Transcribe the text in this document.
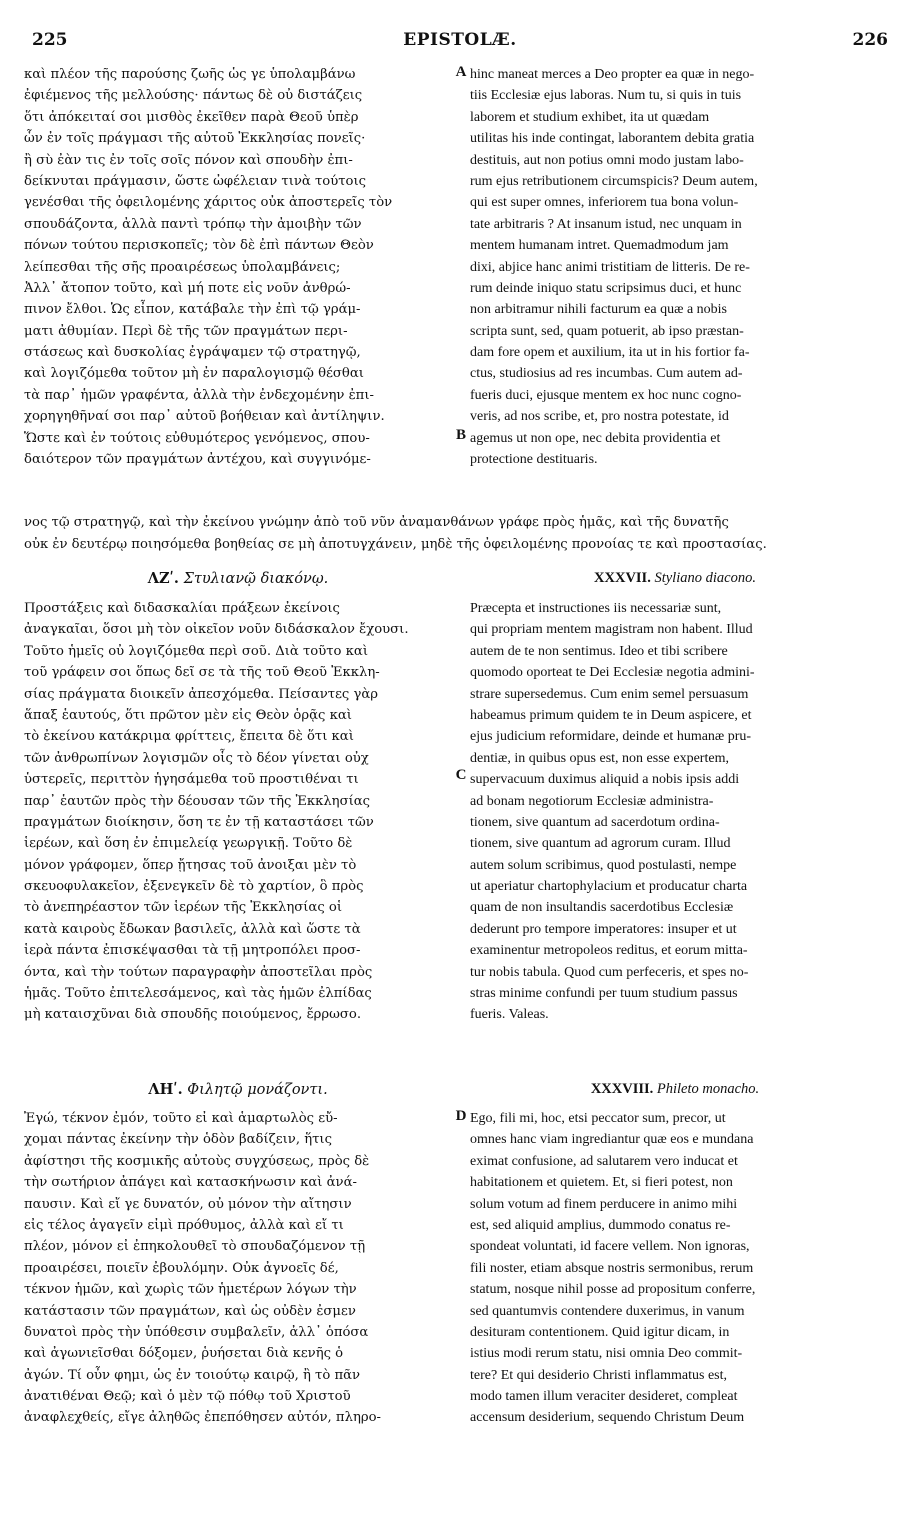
225	EPISTOLÆ.	226
A
B
C
D
καὶ πλέον τῆς παρούσης ζωῆς ὡς γε ὑπολαμβάνω
ἐφιέμενος τῆς μελλούσης· πάντως δὲ οὐ διστάζεις
ὅτι ἀπόκειταί σοι μισθὸς ἐκεῖθεν παρὰ Θεοῦ ὑπὲρ
ὧν ἐν τοῖς πράγμασι τῆς αὐτοῦ Ἐκκλησίας πονεῖς·
ἢ σὺ ἐὰν τις ἐν τοῖς σοῖς πόνον καὶ σπουδὴν ἐπι-
δείκνυται πράγμασιν, ὥστε ὠφέλειαν τινὰ τούτοις
γενέσθαι τῆς ὀφειλομένης χάριτος οὐκ ἀποστερεῖς τὸν
σπουδάζοντα, ἀλλὰ παντὶ τρόπῳ τὴν ἀμοιβὴν τῶν
πόνων τούτου περισκοπεῖς; τὸν δὲ ἐπὶ πάντων Θεὸν
λείπεσθαι τῆς σῆς προαιρέσεως ὑπολαμβάνεις;
Ἀλλ᾽ ἄτοπον τοῦτο, καὶ μή ποτε εἰς νοῦν ἀνθρώ-
πινον ἔλθοι. Ὡς εἶπον, κατάβαλε τὴν ἐπὶ τῷ γράμ-
ματι ἀθυμίαν. Περὶ δὲ τῆς τῶν πραγμάτων περι-
στάσεως καὶ δυσκολίας ἐγράψαμεν τῷ στρατηγῷ,
καὶ λογιζόμεθα τοῦτον μὴ ἐν παραλογισμῷ θέσθαι
τὰ παρ᾽ ἡμῶν γραφέντα, ἀλλὰ τὴν ἐνδεχομένην ἐπι-
χορηγηθῆναί σοι παρ᾽ αὐτοῦ βοήθειαν καὶ ἀντίληψιν.
Ὥστε καὶ ἐν τούτοις εὐθυμότερος γενόμενος, σπου-
δαιότερον τῶν πραγμάτων ἀντέχου, καὶ συγγινόμε-
hinc maneat merces a Deo propter ea quæ in nego-
tiis Ecclesiæ ejus laboras. Num tu, si quis in tuis
laborem et studium exhibet, ita ut quædam
utilitas his inde contingat, laborantem debita gratia
destituis, aut non potius omni modo justam labo-
rum ejus retributionem circumspicis? Deum autem,
qui est super omnes, inferiorem tua bona volun-
tate arbitraris ? At insanum istud, nec unquam in
mentem humanam intret. Quemadmodum jam
dixi, abjice hanc animi tristitiam de litteris. De re-
rum deinde iniquo statu scripsimus duci, et hunc
non arbitramur nihili facturum ea quæ a nobis
scripta sunt, sed, quam potuerit, ab ipso præstan-
dam fore opem et auxilium, ita ut in his fortior fa-
ctus, studiosius ad res incumbas. Cum autem ad-
fueris duci, ejusque mentem ex hoc nunc cogno-
veris, ad nos scribe, et, pro nostra potestate, id
agemus ut non ope, nec debita providentia et
protectione destituaris.
νος τῷ στρατηγῷ, καὶ τὴν ἐκείνου γνώμην ἀπὸ τοῦ νῦν ἀναμανθάνων γράφε πρὸς ἡμᾶς, καὶ τῆς δυνατῆς
οὐκ ἐν δευτέρῳ ποιησόμεθα βοηθείας σε μὴ ἀποτυγχάνειν, μηδὲ τῆς ὀφειλομένης προνοίας τε καὶ προστασίας.
ΛΖʹ. Στυλιανῷ διακόνῳ.	XXXVII. Styliano diacono.
Προστάξεις καὶ διδασκαλίαι πράξεων ἐκείνοις
ἀναγκαῖαι, ὅσοι μὴ τὸν οἰκεῖον νοῦν διδάσκαλον ἔχουσι.
Τοῦτο ἡμεῖς οὐ λογιζόμεθα περὶ σοῦ. Διὰ τοῦτο καὶ
τοῦ γράφειν σοι ὅπως δεῖ σε τὰ τῆς τοῦ Θεοῦ Ἐκκλη-
σίας πράγματα διοικεῖν ἀπεσχόμεθα. Πείσαντες γὰρ
ἅπαξ ἑαυτούς, ὅτι πρῶτον μὲν εἰς Θεὸν ὁρᾷς καὶ
τὸ ἐκείνου κατάκριμα φρίττεις, ἔπειτα δὲ ὅτι καὶ
τῶν ἀνθρωπίνων λογισμῶν οἷς τὸ δέον γίνεται οὐχ
ὑστερεῖς, περιττὸν ἡγησάμεθα τοῦ προστιθέναι τι
παρ᾽ ἑαυτῶν πρὸς τὴν δέουσαν τῶν τῆς Ἐκκλησίας
πραγμάτων διοίκησιν, ὅση τε ἐν τῇ καταστάσει τῶν
ἱερέων, καὶ ὅση ἐν ἐπιμελείᾳ γεωργικῇ. Τοῦτο δὲ
μόνον γράφομεν, ὅπερ ᾔτησας τοῦ ἀνοιξαι μὲν τὸ
σκευοφυλακεῖον, ἐξενεγκεῖν δὲ τὸ χαρτίον, ὃ πρὸς
τὸ ἀνεπηρέαστον τῶν ἱερέων τῆς Ἐκκλησίας οἱ
κατὰ καιροὺς ἔδωκαν βασιλεῖς, ἀλλὰ καὶ ὥστε τὰ
ἱερὰ πάντα ἐπισκέψασθαι τὰ τῇ μητροπόλει προσ-
όντα, καὶ τὴν τούτων παραγραφὴν ἀποστεῖλαι πρὸς
ἡμᾶς. Τοῦτο ἐπιτελεσάμενος, καὶ τὰς ἡμῶν ἐλπίδας
μὴ καταισχῦναι διὰ σπουδῆς ποιούμενος, ἔρρωσο.
Præcepta et instructiones iis necessariæ sunt,
qui propriam mentem magistram non habent. Illud
autem de te non sentimus. Ideo et tibi scribere
quomodo oporteat te Dei Ecclesiæ negotia admini-
strare supersedemus. Cum enim semel persuasum
habeamus primum quidem te in Deum aspicere, et
ejus judicium reformidare, deinde et humanæ pru-
dentiæ, in quibus opus est, non esse expertem,
supervacuum duximus aliquid a nobis ipsis addi
ad bonam negotiorum Ecclesiæ administra-
tionem, sive quantum ad sacerdotum ordina-
tionem, sive quantum ad agrorum curam. Illud
autem solum scribimus, quod postulasti, nempe
ut aperiatur chartophylacium et producatur charta
quam de non insultandis sacerdotibus Ecclesiæ
dederunt pro tempore imperatores: insuper et ut
examinentur metropoleos reditus, et eorum mitta-
tur nobis tabula. Quod cum perfeceris, et spes no-
stras minime confundi per tuum studium passus
fueris. Valeas.
ΛΗʹ. Φιλητῷ μονάζοντι.	XXXVIII. Phileto monacho.
Ἐγώ, τέκνον ἐμόν, τοῦτο εἰ καὶ ἁμαρτωλὸς εὔ-
χομαι πάντας ἐκείνην τὴν ὁδὸν βαδίζειν, ἥτις
ἀφίστησι τῆς κοσμικῆς αὐτοὺς συγχύσεως, πρὸς δὲ
τὴν σωτήριον ἀπάγει καὶ κατασκήνωσιν καὶ ἀνά-
παυσιν. Καὶ εἴ γε δυνατόν, οὐ μόνον τὴν αἴτησιν
εἰς τέλος ἀγαγεῖν εἰμὶ πρόθυμος, ἀλλὰ καὶ εἴ τι
πλέον, μόνον εἰ ἐπηκολουθεῖ τὸ σπουδαζόμενον τῇ
προαιρέσει, ποιεῖν ἐβουλόμην. Οὐκ ἀγνοεῖς δέ,
τέκνον ἡμῶν, καὶ χωρὶς τῶν ἡμετέρων λόγων τὴν
κατάστασιν τῶν πραγμάτων, καὶ ὡς οὐδὲν ἐσμεν
δυνατοὶ πρὸς τὴν ὑπόθεσιν συμβαλεῖν, ἀλλ᾽ ὁπόσα
καὶ ἀγωνιεῖσθαι δόξομεν, ῥυήσεται διὰ κενῆς ὁ
ἀγών. Τί οὖν φημι, ὡς ἐν τοιούτῳ καιρῷ, ἢ τὸ πᾶν
ἀνατιθέναι Θεῷ; καὶ ὁ μὲν τῷ πόθῳ τοῦ Χριστοῦ
ἀναφλεχθείς, εἴγε ἀληθῶς ἐπεπόθησεν αὐτόν, πληρο-
Ego, fili mi, hoc, etsi peccator sum, precor, ut
omnes hanc viam ingrediantur quæ eos e mundana
eximat confusione, ad salutarem vero inducat et
habitationem et quietem. Et, si fieri potest, non
solum votum ad finem perducere in animo mihi
est, sed aliquid amplius, dummodo conatus re-
spondeat voluntati, id facere vellem. Non ignoras,
fili noster, etiam absque nostris sermonibus, rerum
statum, nosque nihil posse ad propositum conferre,
sed quantumvis contendere duxerimus, in vanum
desituram contentionem. Quid igitur dicam, in
istius modi rerum statu, nisi omnia Deo commit-
tere? Et qui desiderio Christi inflammatus est,
modo tamen illum veraciter desideret, compleat
accensum desiderium, sequendo Christum Deum
